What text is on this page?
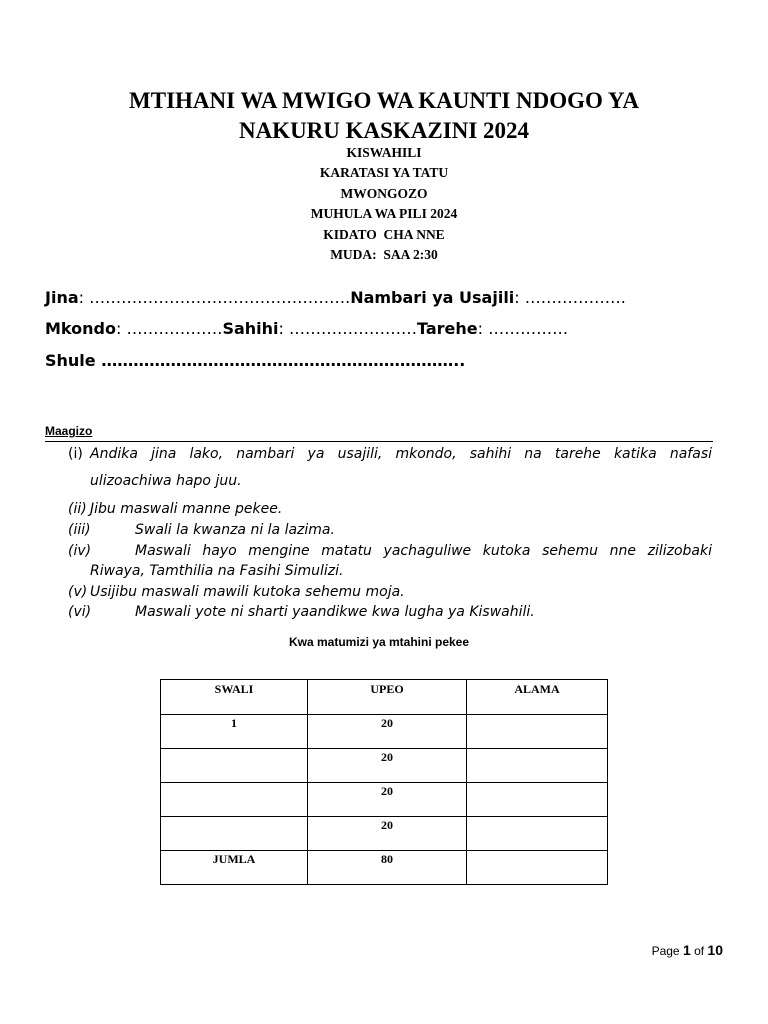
MTIHANI WA MWIGO WA KAUNTI NDOGO YA
NAKURU KASKAZINI 2024
KISWAHILI
KARATASI YA TATU
MWONGOZO
MUHULA WA PILI 2024
KIDATO  CHA NNE
MUDA:  SAA 2:30
Jina: ………………………………………….Nambari ya Usajili: ……………….
Mkondo: ………………Sahihi: ……………………Tarehe: ……………
Shule …………………………………………………………..
Maagizo
(i) Andika jina lako, nambari ya usajili, mkondo, sahihi na tarehe katika nafasi
ulizoachiwa hapo juu.
(ii) Jibu maswali manne pekee.
(iii)	Swali la kwanza ni la lazima.
(iv)	Maswali hayo mengine matatu yachaguliwe kutoka sehemu nne zilizobaki
Riwaya, Tamthilia na Fasihi Simulizi.
(v) Usijibu maswali mawili kutoka sehemu moja.
(vi)	Maswali yote ni sharti yaandikwe kwa lugha ya Kiswahili.
Kwa matumizi ya mtahini pekee
SWALI	UPEO	ALAMA
1	20	
	20	
	20	
	20	
JUMLA	80	
Page 1 of 10
